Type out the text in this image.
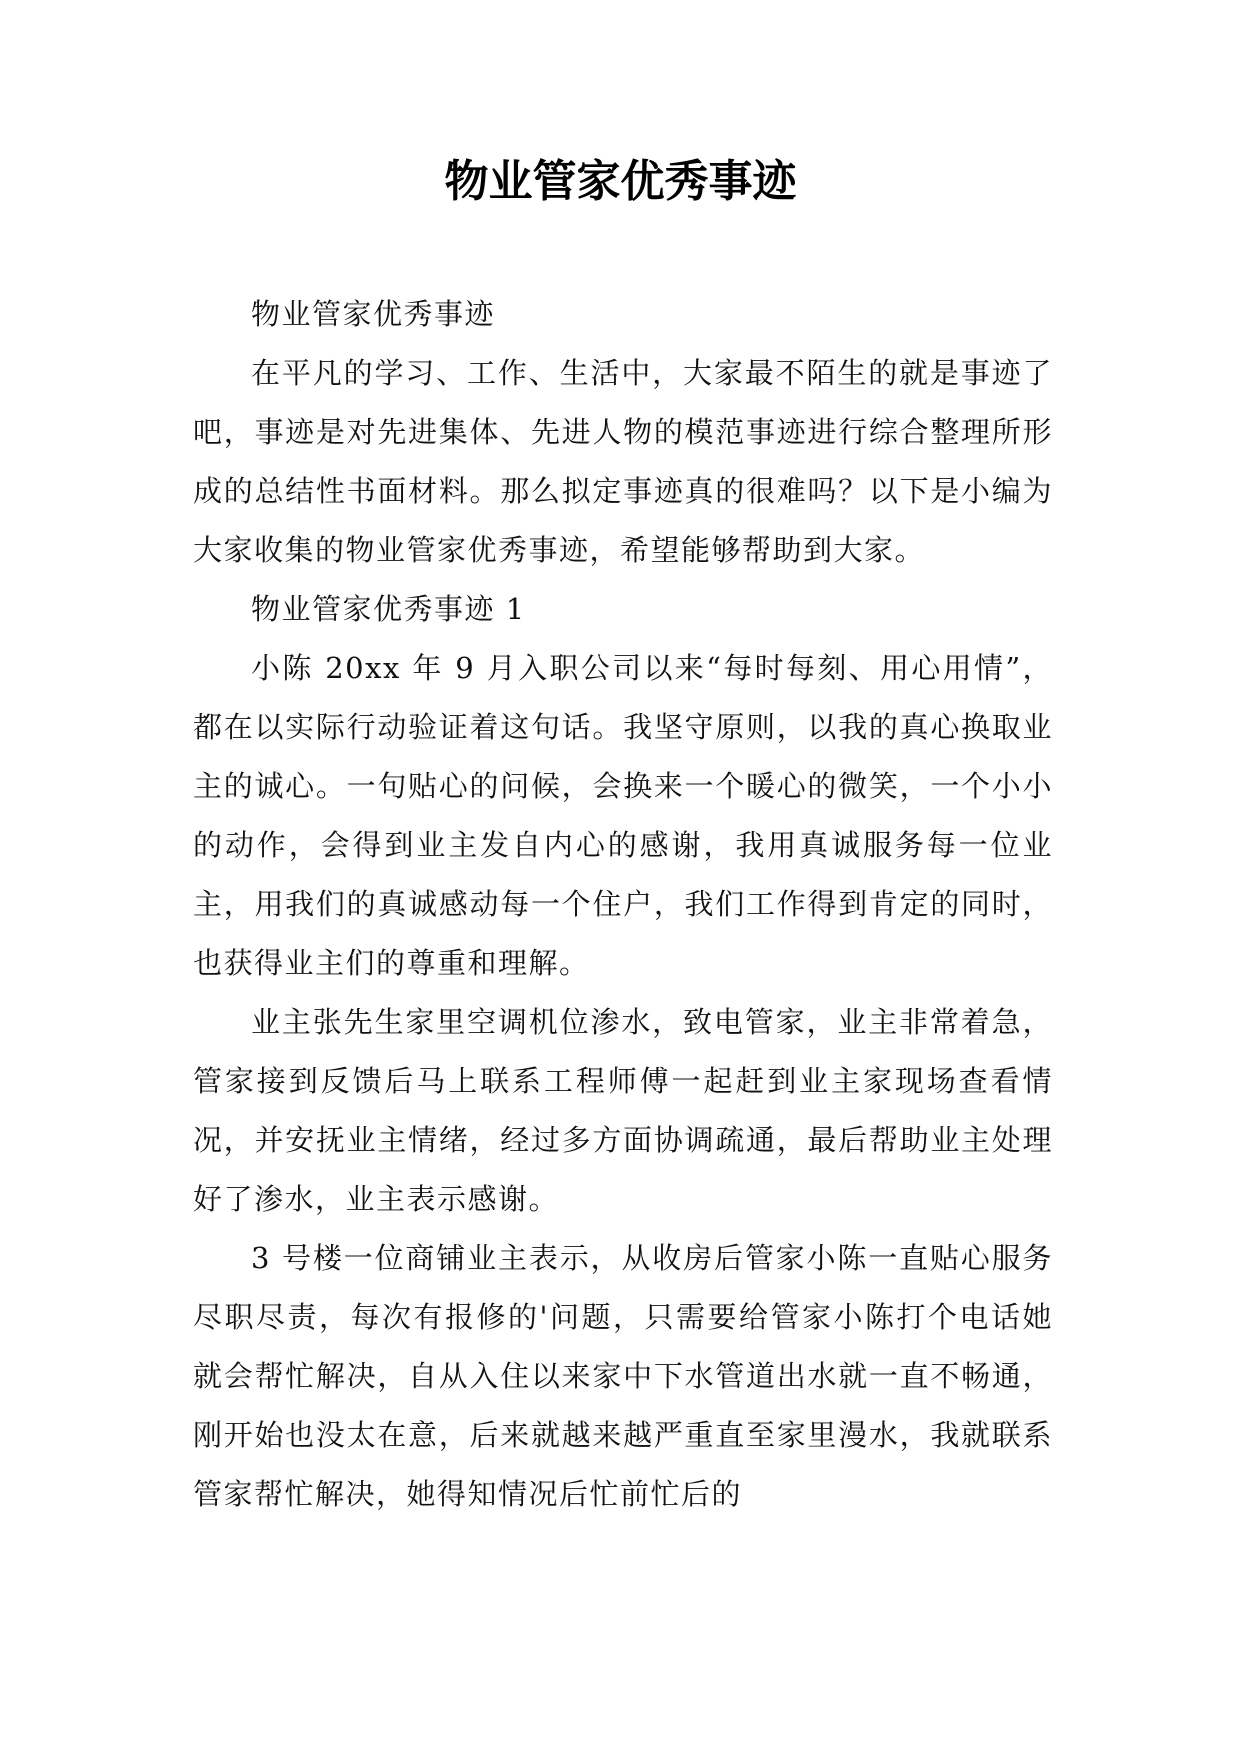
物业管家优秀事迹

物业管家优秀事迹

在平凡的学习、工作、生活中，大家最不陌生的就是事迹了吧，事迹是对先进集体、先进人物的模范事迹进行综合整理所形成的总结性书面材料。那么拟定事迹真的很难吗？以下是小编为大家收集的物业管家优秀事迹，希望能够帮助到大家。

物业管家优秀事迹 1

小陈 20xx 年 9 月入职公司以来“每时每刻、用心用情”，都在以实际行动验证着这句话。我坚守原则，以我的真心换取业主的诚心。一句贴心的问候，会换来一个暖心的微笑，一个小小的动作，会得到业主发自内心的感谢，我用真诚服务每一位业主，用我们的真诚感动每一个住户，我们工作得到肯定的同时，也获得业主们的尊重和理解。

业主张先生家里空调机位渗水，致电管家，业主非常着急，管家接到反馈后马上联系工程师傅一起赶到业主家现场查看情况，并安抚业主情绪，经过多方面协调疏通，最后帮助业主处理好了渗水，业主表示感谢。

3 号楼一位商铺业主表示，从收房后管家小陈一直贴心服务尽职尽责，每次有报修的'问题，只需要给管家小陈打个电话她就会帮忙解决，自从入住以来家中下水管道出水就一直不畅通，刚开始也没太在意，后来就越来越严重直至家里漫水，我就联系管家帮忙解决，她得知情况后忙前忙后的
